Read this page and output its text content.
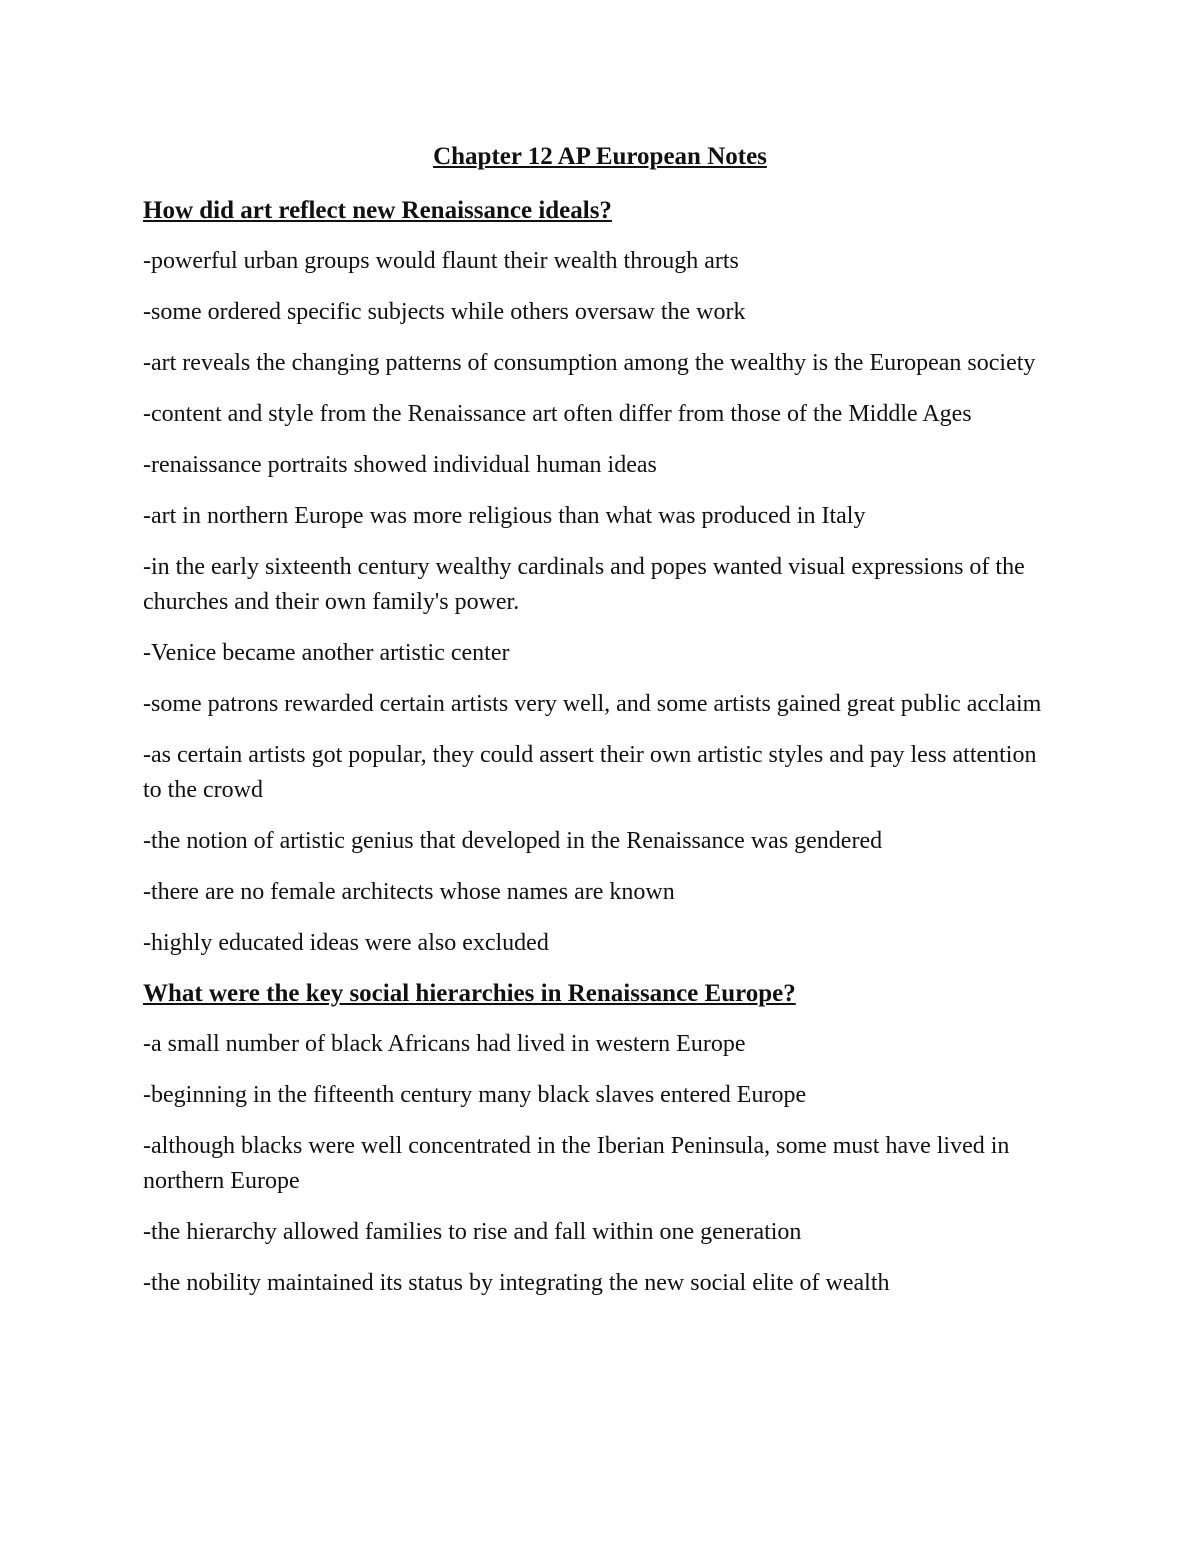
Chapter 12 AP European Notes
How did art reflect new Renaissance ideals?

-powerful urban groups would flaunt their wealth through arts

-some ordered specific subjects while others oversaw the work

-art reveals the changing patterns of consumption among the wealthy is the European society

-content and style from the Renaissance art often differ from those of the Middle Ages

-renaissance portraits showed individual human ideas

-art in northern Europe was more religious than what was produced in Italy

-in the early sixteenth century wealthy cardinals and popes wanted visual expressions of the churches and their own family's power.

-Venice became another artistic center

-some patrons rewarded certain artists very well, and some artists gained great public acclaim

-as certain artists got popular, they could assert their own artistic styles and pay less attention to the crowd

-the notion of artistic genius that developed in the Renaissance was gendered

-there are no female architects whose names are known

-highly educated ideas were also excluded

What were the key social hierarchies in Renaissance Europe?

-a small number of black Africans had lived in western Europe

-beginning in the fifteenth century many black slaves entered Europe

-although blacks were well concentrated in the Iberian Peninsula, some must have lived in northern Europe

-the hierarchy allowed families to rise and fall within one generation

-the nobility maintained its status by integrating the new social elite of wealth
